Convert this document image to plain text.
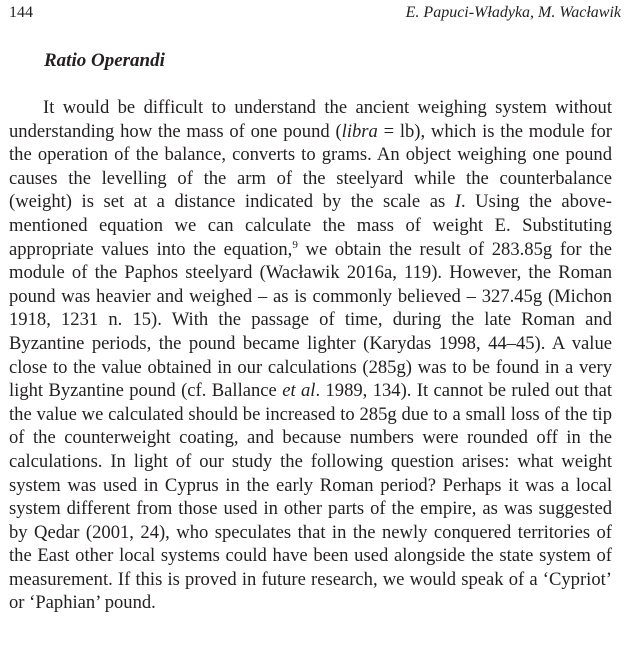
144	E. Papuci-Władyka, M. Wacławik
Ratio Operandi

It would be difficult to understand the ancient weighing system without understanding how the mass of one pound (libra = lb), which is the module for the operation of the balance, converts to grams. An object weighing one pound causes the levelling of the arm of the steelyard while the counterbalance (weight) is set at a distance indicated by the scale as I. Using the above-mentioned equation we can calculate the mass of weight E. Substituting appropriate values into the equation,$^9$ we obtain the result of 283.85g for the module of the Paphos steelyard (Wacławik 2016a, 119). However, the Roman pound was heavier and weighed – as is commonly believed – 327.45g (Michon 1918, 1231 n. 15). With the passage of time, during the late Roman and Byzantine periods, the pound became lighter (Karydas 1998, 44–45). A value close to the value obtained in our calculations (285g) was to be found in a very light Byzantine pound (cf. Ballance et al. 1989, 134). It cannot be ruled out that the value we calculated should be increased to 285g due to a small loss of the tip of the counterweight coating, and because numbers were rounded off in the calculations. In light of our study the following question arises: what weight system was used in Cyprus in the early Roman period? Perhaps it was a local system different from those used in other parts of the empire, as was suggested by Qedar (2001, 24), who speculates that in the newly conquered territories of the East other local systems could have been used alongside the state system of measurement. If this is proved in future research, we would speak of a ‘Cypriot’ or ‘Paphian’ pound.
